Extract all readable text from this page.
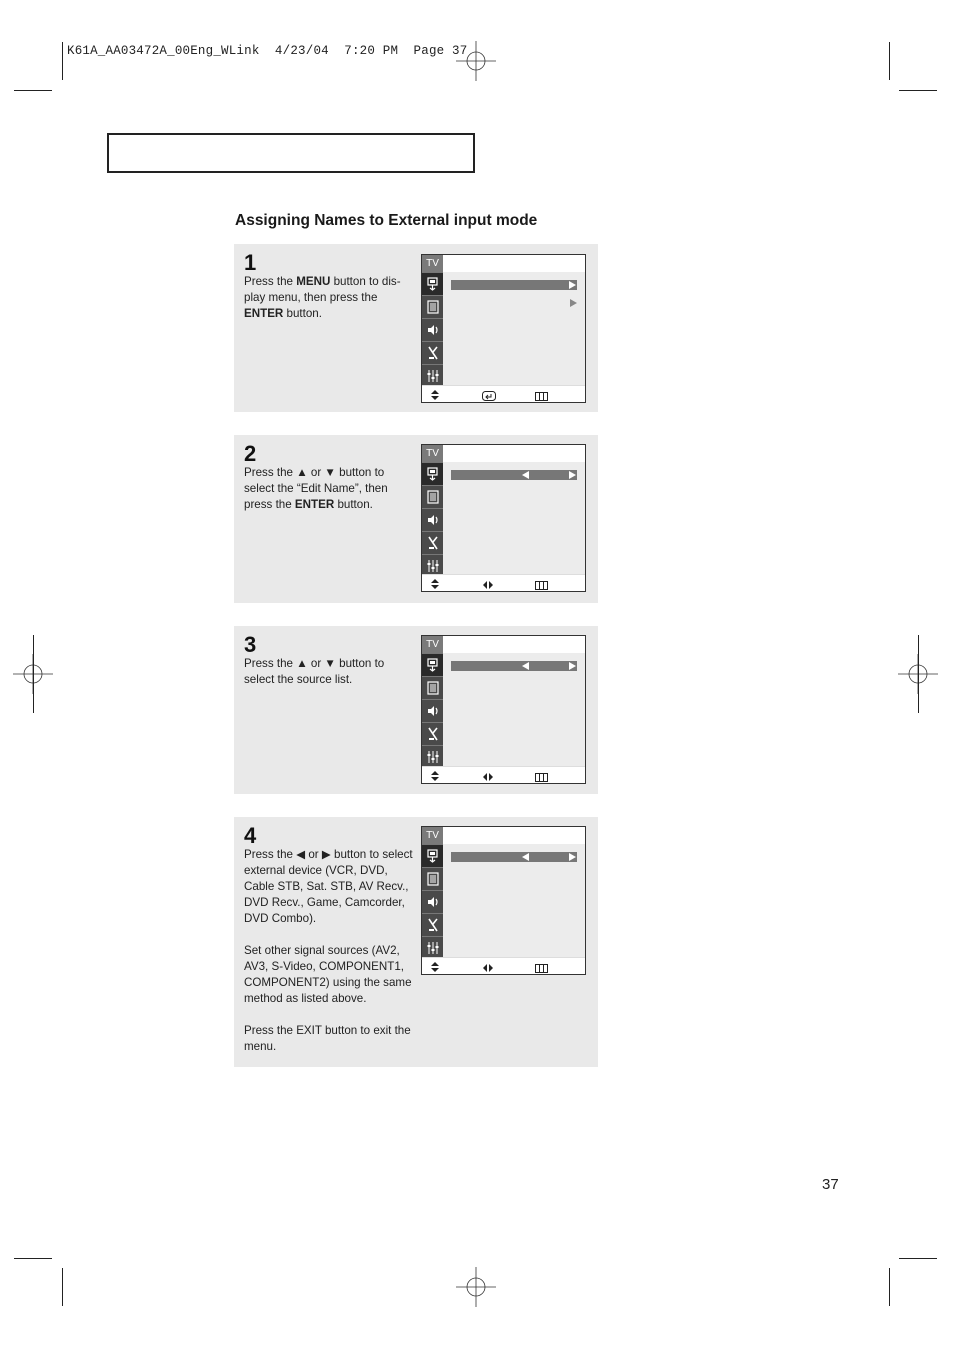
K61A_AA03472A_00Eng_WLink  4/23/04  7:20 PM  Page 37
Assigning Names to External input mode
1

Press the MENU button to dis-play menu, then press the ENTER button.

TV
2

Press the ▲ or ▼ button to select the “Edit Name”, then press the ENTER button.

TV
3

Press the ▲ or ▼ button to select the source list.

TV
4

Press the ◀ or ▶ button to select external device (VCR, DVD, Cable STB, Sat. STB, AV Recv., DVD Recv., Game, Camcorder, DVD Combo).

Set other signal sources (AV2, AV3, S-Video, COMPONENT1, COMPONENT2) using the same method as listed above.

Press the EXIT button to exit the menu.

TV
37
